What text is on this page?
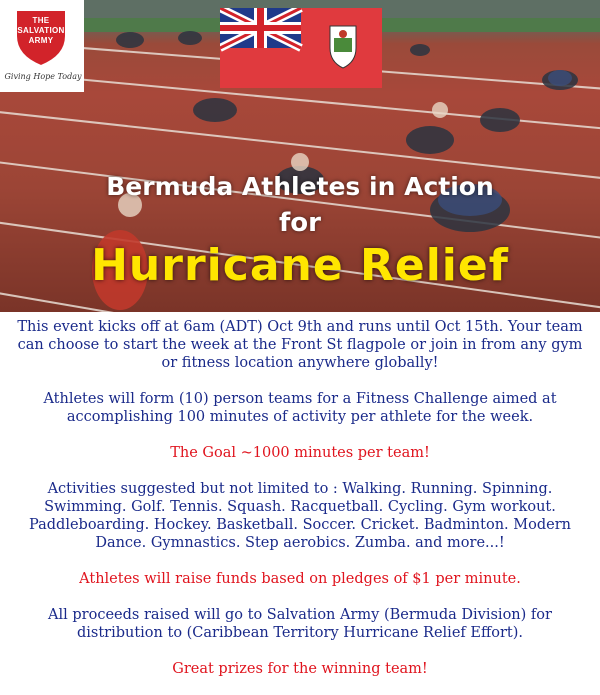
THE
SALVATION
ARMY
Giving Hope Today
Bermuda Athletes in Action
for
Hurricane Relief

This event kicks off at 6am (ADT) Oct 9th and runs until Oct 15th. Your team can choose to start the week at the Front St flagpole or join in from any gym or fitness location anywhere globally!

Athletes will form (10) person teams for a Fitness Challenge aimed at accomplishing 100 minutes of activity per athlete for the week.

The Goal ~1000 minutes per team!

Activities suggested but not limited to : Walking. Running. Spinning. Swimming. Golf. Tennis. Squash. Racquetball. Cycling. Gym workout. Paddleboarding. Hockey. Basketball. Soccer. Cricket. Badminton. Modern Dance. Gymnastics. Step aerobics. Zumba. and more...!

Athletes will raise funds based on pledges of $1 per minute.

All proceeds raised will go to Salvation Army (Bermuda Division) for distribution to (Caribbean Territory Hurricane Relief Effort).

Great prizes for the winning team!
